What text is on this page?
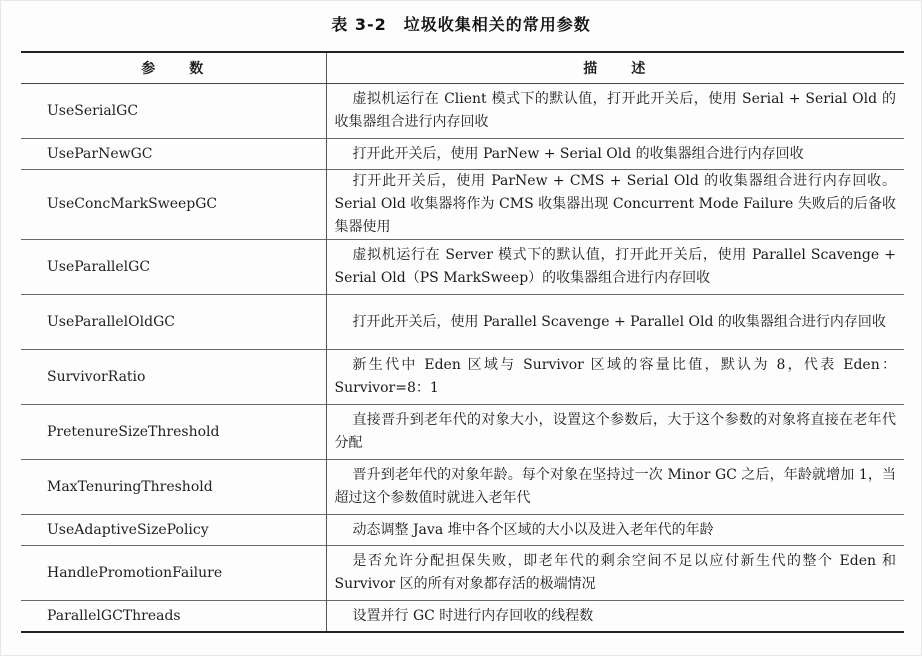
表 3-2　垃圾收集相关的常用参数
参　　数	描　　述
UseSerialGC	虚拟机运行在 Client 模式下的默认值，打开此开关后，使用 Serial + Serial Old 的收集器组合进行内存回收
UseParNewGC	打开此开关后，使用 ParNew + Serial Old 的收集器组合进行内存回收
UseConcMarkSweepGC	打开此开关后，使用 ParNew + CMS + Serial Old 的收集器组合进行内存回收。Serial Old 收集器将作为 CMS 收集器出现 Concurrent Mode Failure 失败后的后备收集器使用
UseParallelGC	虚拟机运行在 Server 模式下的默认值，打开此开关后，使用 Parallel Scavenge + Serial Old（PS MarkSweep）的收集器组合进行内存回收
UseParallelOldGC	打开此开关后，使用 Parallel Scavenge + Parallel Old 的收集器组合进行内存回收
SurvivorRatio	新生代中 Eden 区域与 Survivor 区域的容量比值，默认为 8，代表 Eden：Survivor=8：1
PretenureSizeThreshold	直接晋升到老年代的对象大小，设置这个参数后，大于这个参数的对象将直接在老年代分配
MaxTenuringThreshold	晋升到老年代的对象年龄。每个对象在坚持过一次 Minor GC 之后，年龄就增加 1，当超过这个参数值时就进入老年代
UseAdaptiveSizePolicy	动态调整 Java 堆中各个区域的大小以及进入老年代的年龄
HandlePromotionFailure	是否允许分配担保失败，即老年代的剩余空间不足以应付新生代的整个 Eden 和 Survivor 区的所有对象都存活的极端情况
ParallelGCThreads	设置并行 GC 时进行内存回收的线程数
